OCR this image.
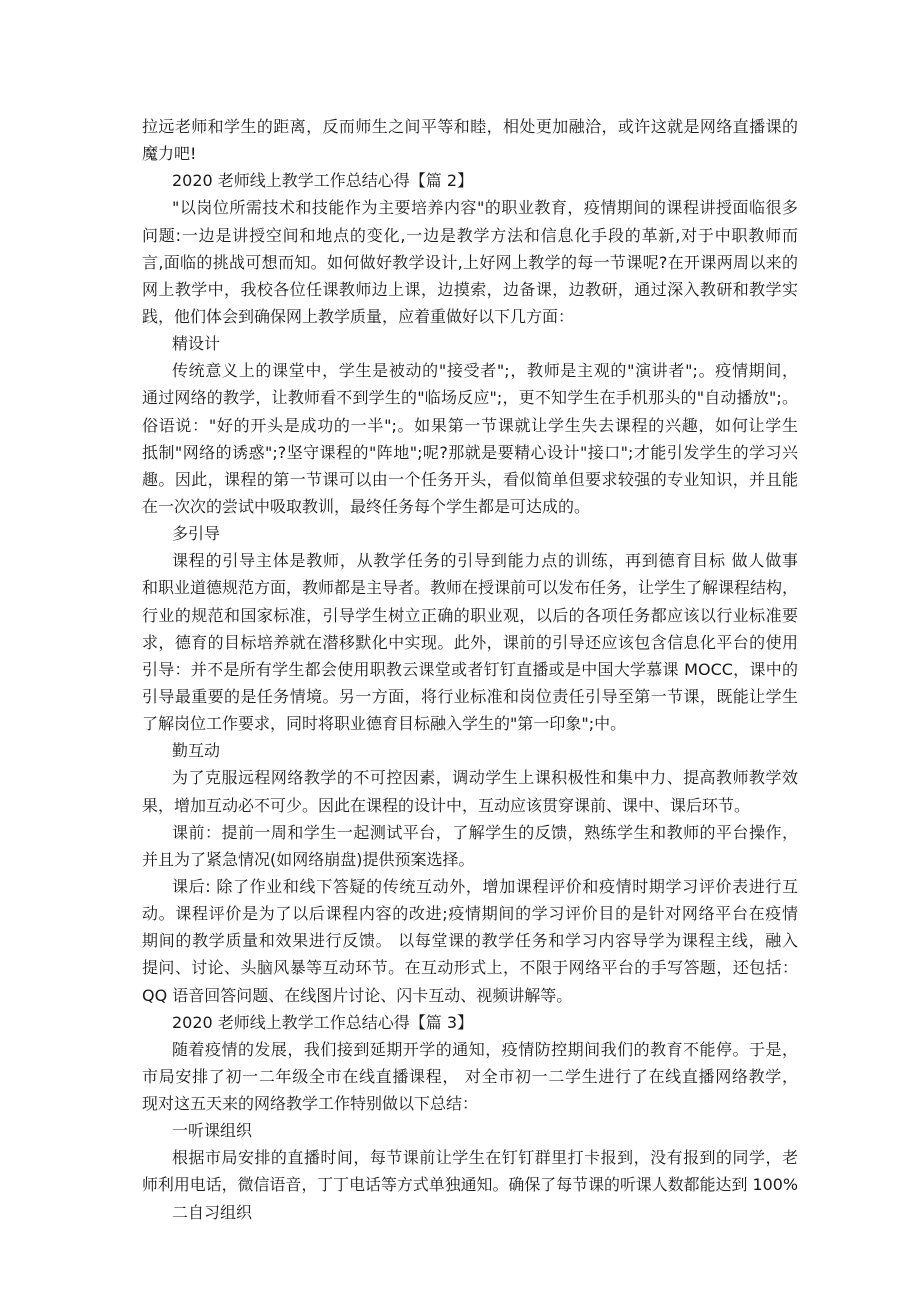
拉远老师和学生的距离，反而师生之间平等和睦，相处更加融洽，或许这就是网络直播课的
魔力吧!
2020 老师线上教学工作总结心得【篇 2】
"以岗位所需技术和技能作为主要培养内容"的职业教育，疫情期间的课程讲授面临很多
问题:一边是讲授空间和地点的变化,一边是教学方法和信息化手段的革新,对于中职教师而
言,面临的挑战可想而知。如何做好教学设计,上好网上教学的每一节课呢?在开课两周以来的
网上教学中，我校各位任课教师边上课，边摸索，边备课，边教研，通过深入教研和教学实
践，他们体会到确保网上教学质量，应着重做好以下几方面：
精设计
传统意义上的课堂中，学生是被动的"接受者";，教师是主观的"演讲者";。疫情期间，
通过网络的教学，让教师看不到学生的"临场反应";，更不知学生在手机那头的"自动播放";。
俗语说："好的开头是成功的一半";。如果第一节课就让学生失去课程的兴趣，如何让学生
抵制"网络的诱惑";?坚守课程的"阵地";呢?那就是要精心设计"接口";才能引发学生的学习兴
趣。因此，课程的第一节课可以由一个任务开头，看似简单但要求较强的专业知识，并且能
在一次次的尝试中吸取教训，最终任务每个学生都是可达成的。
多引导
课程的引导主体是教师，从教学任务的引导到能力点的训练，再到德育目标 做人做事
和职业道德规范方面，教师都是主导者。教师在授课前可以发布任务，让学生了解课程结构，
行业的规范和国家标准，引导学生树立正确的职业观，以后的各项任务都应该以行业标准要
求，德育的目标培养就在潜移默化中实现。此外，课前的引导还应该包含信息化平台的使用
引导：并不是所有学生都会使用职教云课堂或者钉钉直播或是中国大学慕课 MOCC，课中的
引导最重要的是任务情境。另一方面，将行业标准和岗位责任引导至第一节课，既能让学生
了解岗位工作要求，同时将职业德育目标融入学生的"第一印象";中。
勤互动
为了克服远程网络教学的不可控因素，调动学生上课积极性和集中力、提高教师教学效
果，增加互动必不可少。因此在课程的设计中，互动应该贯穿课前、课中、课后环节。
课前：提前一周和学生一起测试平台，了解学生的反馈，熟练学生和教师的平台操作，
并且为了紧急情况(如网络崩盘)提供预案选择。
课后: 除了作业和线下答疑的传统互动外，增加课程评价和疫情时期学习评价表进行互
动。课程评价是为了以后课程内容的改进;疫情期间的学习评价目的是针对网络平台在疫情
期间的教学质量和效果进行反馈。 以每堂课的教学任务和学习内容导学为课程主线，融入
提问、讨论、头脑风暴等互动环节。在互动形式上，不限于网络平台的手写答题，还包括：
QQ 语音回答问题、在线图片讨论、闪卡互动、视频讲解等。
2020 老师线上教学工作总结心得【篇 3】
随着疫情的发展，我们接到延期开学的通知，疫情防控期间我们的教育不能停。于是，
市局安排了初一二年级全市在线直播课程， 对全市初一二学生进行了在线直播网络教学，
现对这五天来的网络教学工作特别做以下总结：
一听课组织
根据市局安排的直播时间，每节课前让学生在钉钉群里打卡报到，没有报到的同学，老
师利用电话，微信语音，丁丁电话等方式单独通知。确保了每节课的听课人数都能达到 100%
二自习组织
